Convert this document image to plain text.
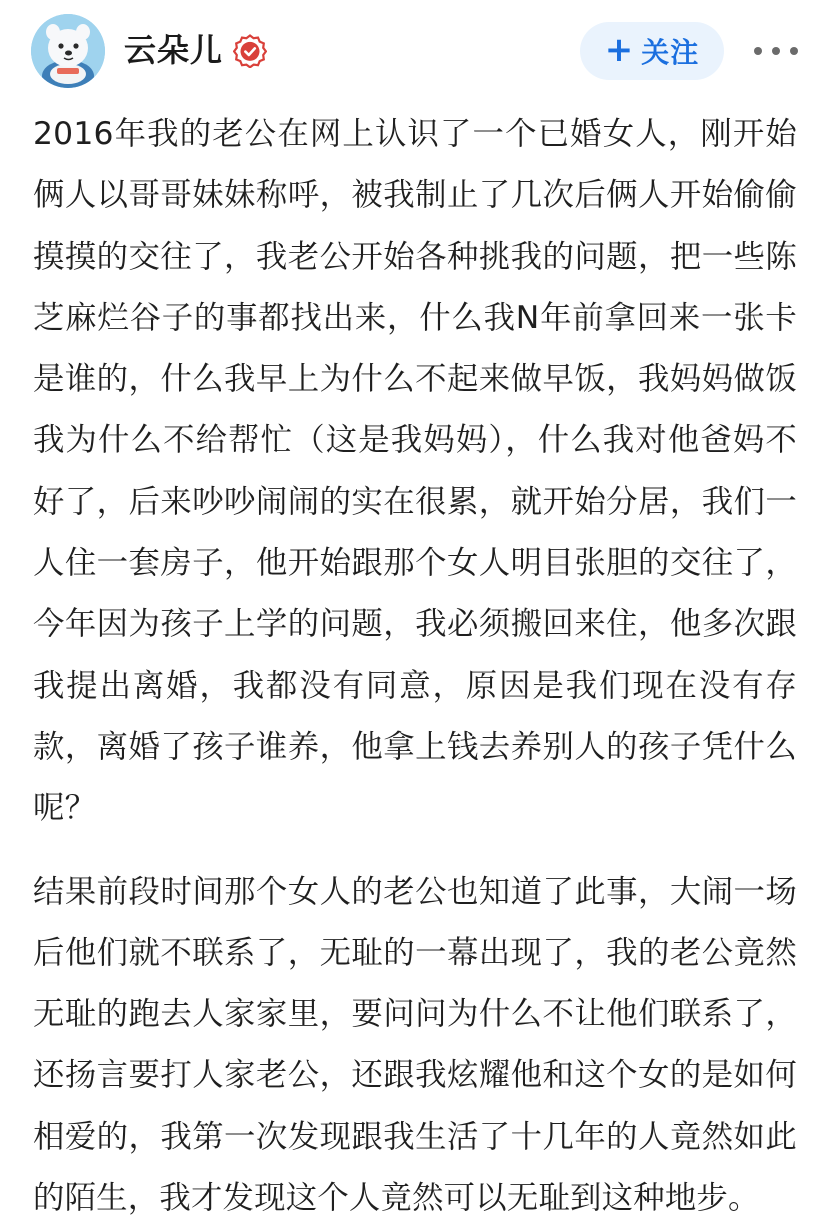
云朵儿	+ 关注

2016年我的老公在网上认识了一个已婚女人，刚开始俩人以哥哥妹妹称呼，被我制止了几次后俩人开始偷偷摸摸的交往了，我老公开始各种挑我的问题，把一些陈芝麻烂谷子的事都找出来，什么我N年前拿回来一张卡是谁的，什么我早上为什么不起来做早饭，我妈妈做饭我为什么不给帮忙（这是我妈妈），什么我对他爸妈不好了，后来吵吵闹闹的实在很累，就开始分居，我们一人住一套房子，他开始跟那个女人明目张胆的交往了，今年因为孩子上学的问题，我必须搬回来住，他多次跟我提出离婚，我都没有同意，原因是我们现在没有存款，离婚了孩子谁养，他拿上钱去养别人的孩子凭什么呢？

结果前段时间那个女人的老公也知道了此事，大闹一场后他们就不联系了，无耻的一幕出现了，我的老公竟然无耻的跑去人家家里，要问问为什么不让他们联系了，还扬言要打人家老公，还跟我炫耀他和这个女的是如何相爱的，我第一次发现跟我生活了十几年的人竟然如此的陌生，我才发现这个人竟然可以无耻到这种地步。
